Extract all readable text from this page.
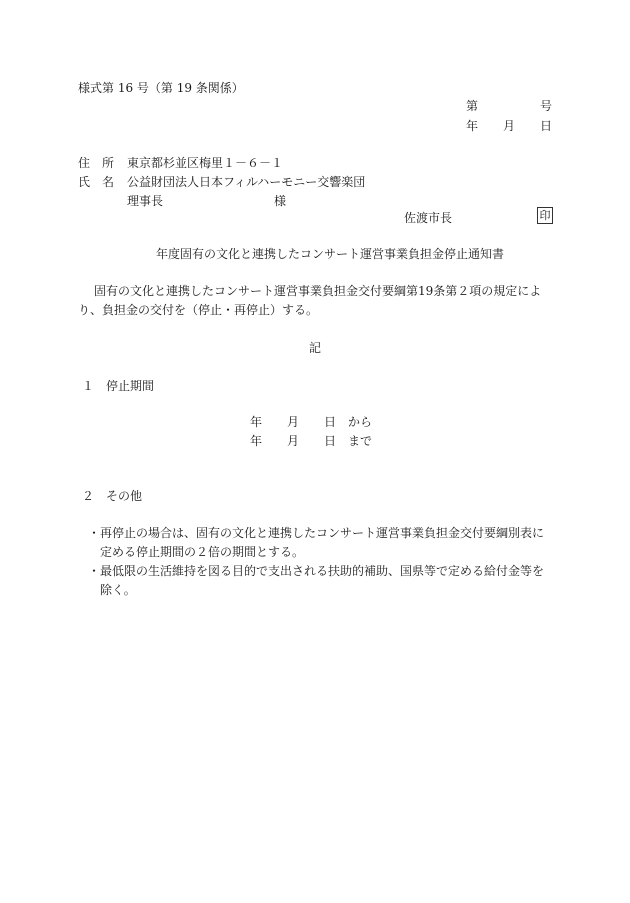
様式第 16 号（第 19 条関係）
第	号
年 月 日
住　所 東京都杉並区梅里１－６－１
氏　名 公益財団法人日本フィルハーモニー交響楽団
理事長	様
佐渡市長	印
年度固有の文化と連携したコンサート運営事業負担金停止通知書
固有の文化と連携したコンサート運営事業負担金交付要綱第19条第２項の規定によ
り、負担金の交付を（停止・再停止）する。
記
１　停止期間
年 月 日 から
年 月 日 まで
２　その他
・再停止の場合は、固有の文化と連携したコンサート運営事業負担金交付要綱別表に定める停止期間の２倍の期間とする。
・最低限の生活維持を図る目的で支出される扶助的補助、国県等で定める給付金等を除く。
